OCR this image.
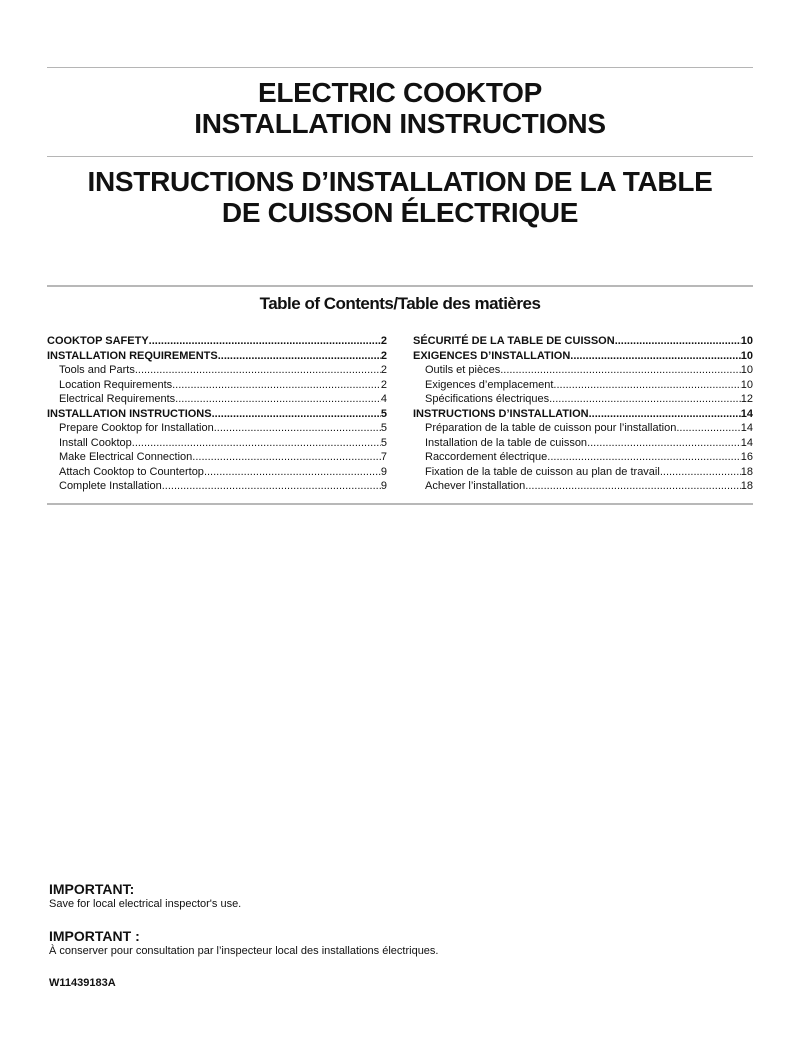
ELECTRIC COOKTOP
INSTALLATION INSTRUCTIONS
INSTRUCTIONS D’INSTALLATION DE LA TABLE
DE CUISSON ÉLECTRIQUE
Table of Contents/Table des matières
COOKTOP SAFETY .....	2
INSTALLATION REQUIREMENTS .....	2
Tools and Parts .....	2
Location Requirements .....	2
Electrical Requirements .....	4
INSTALLATION INSTRUCTIONS .....	5
Prepare Cooktop for Installation .....	5
Install Cooktop .....	5
Make Electrical Connection .....	7
Attach Cooktop to Countertop .....	9
Complete Installation .....	9
SÉCURITÉ DE LA TABLE DE CUISSON .....	10
EXIGENCES D’INSTALLATION .....	10
Outils et pièces .....	10
Exigences d’emplacement .....	10
Spécifications électriques .....	12
INSTRUCTIONS D’INSTALLATION .....	14
Préparation de la table de cuisson pour l’installation .....	14
Installation de la table de cuisson .....	14
Raccordement électrique .....	16
Fixation de la table de cuisson au plan de travail .....	18
Achever l’installation .....	18
IMPORTANT:
Save for local electrical inspector's use.
IMPORTANT :
À conserver pour consultation par l’inspecteur local des installations électriques.
W11439183A
